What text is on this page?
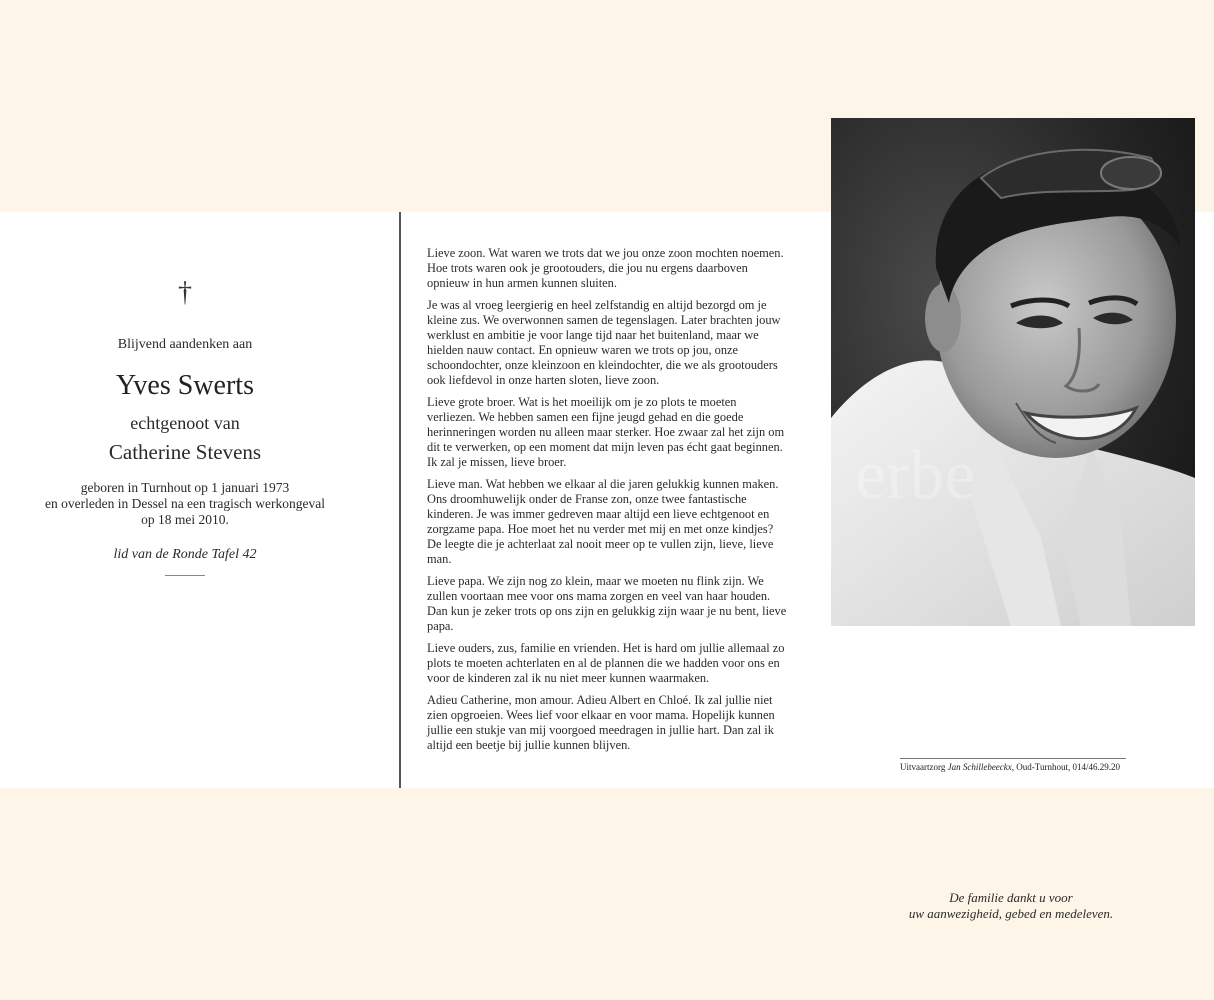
†
Blijvend aandenken aan
Yves Swerts
echtgenoot van
Catherine Stevens
geboren in Turnhout op 1 januari 1973
en overleden in Dessel na een tragisch werkongeval
op 18 mei 2010.
lid van de Ronde Tafel 42

Lieve zoon. Wat waren we trots dat we jou onze zoon mochten noemen. Hoe trots waren ook je grootouders, die jou nu ergens daarboven opnieuw in hun armen kunnen sluiten.

Je was al vroeg leergierig en heel zelfstandig en altijd bezorgd om je kleine zus. We overwonnen samen de tegenslagen. Later brachten jouw werklust en ambitie je voor lange tijd naar het buitenland, maar we hielden nauw contact. En opnieuw waren we trots op jou, onze schoondochter, onze kleinzoon en kleindochter, die we als grootouders ook liefdevol in onze harten sloten, lieve zoon.

Lieve grote broer. Wat is het moeilijk om je zo plots te moeten verliezen. We hebben samen een fijne jeugd gehad en die goede herinneringen worden nu alleen maar sterker. Hoe zwaar zal het zijn om dit te verwerken, op een moment dat mijn leven pas écht gaat beginnen. Ik zal je missen, lieve broer.

Lieve man. Wat hebben we elkaar al die jaren gelukkig kunnen maken. Ons droomhuwelijk onder de Franse zon, onze twee fantastische kinderen. Je was immer gedreven maar altijd een lieve echtgenoot en zorgzame papa. Hoe moet het nu verder met mij en met onze kindjes? De leegte die je achterlaat zal nooit meer op te vullen zijn, lieve, lieve man.

Lieve papa. We zijn nog zo klein, maar we moeten nu flink zijn. We zullen voortaan mee voor ons mama zorgen en veel van haar houden. Dan kun je zeker trots op ons zijn en gelukkig zijn waar je nu bent, lieve papa.

Lieve ouders, zus, familie en vrienden. Het is hard om jullie allemaal zo plots te moeten achterlaten en al de plannen die we hadden voor ons en voor de kinderen zal ik nu niet meer kunnen waarmaken.

Adieu Catherine, mon amour. Adieu Albert en Chloé. Ik zal jullie niet zien opgroeien. Wees lief voor elkaar en voor mama. Hopelijk kunnen jullie een stukje van mij voorgoed meedragen in jullie hart. Dan zal ik altijd een beetje bij jullie kunnen blijven.

De familie dankt u voor
uw aanwezigheid, gebed en medeleven.
erbe
Uitvaartzorg Jan Schillebeeckx, Oud-Turnhout, 014/46.29.20
